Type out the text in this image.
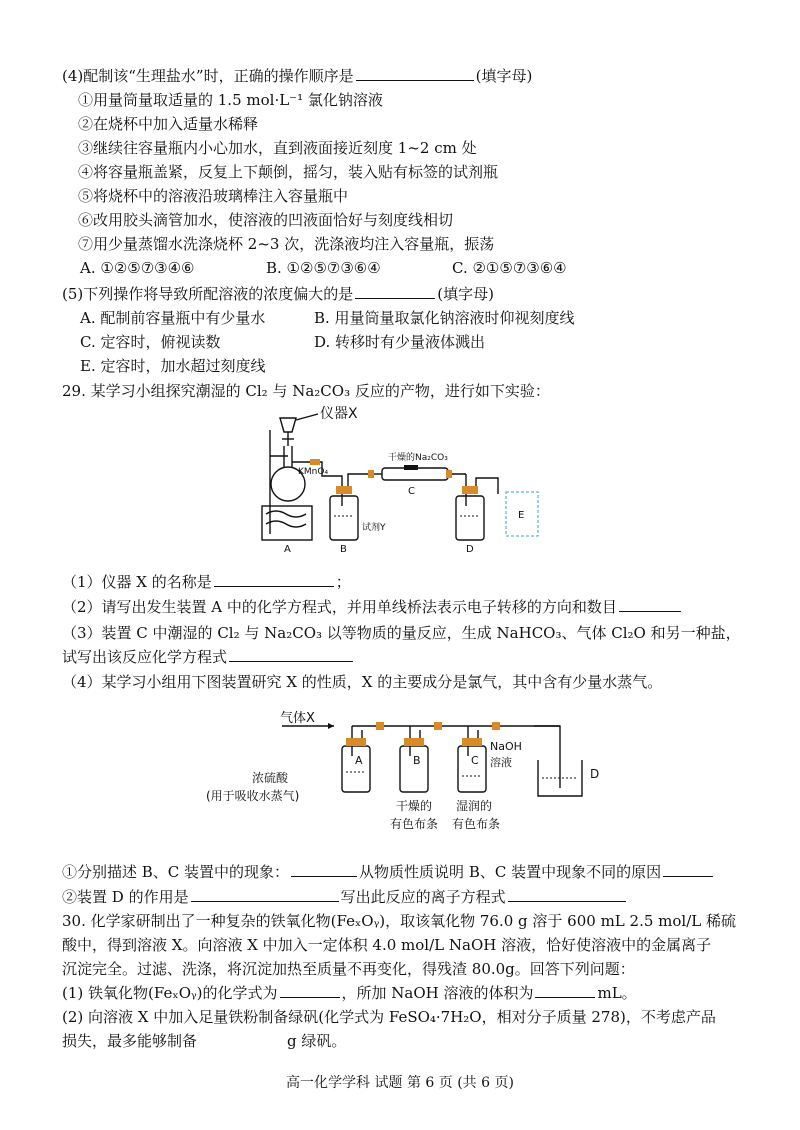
(4)配制该“生理盐水”时，正确的操作顺序是	(填字母)
①用量筒量取适量的 1.5 mol·L⁻¹ 氯化钠溶液
②在烧杯中加入适量水稀释
③继续往容量瓶内小心加水，直到液面接近刻度 1~2 cm 处
④将容量瓶盖紧，反复上下颠倒，摇匀，装入贴有标签的试剂瓶
⑤将烧杯中的溶液沿玻璃棒注入容量瓶中
⑥改用胶头滴管加水，使溶液的凹液面恰好与刻度线相切
⑦用少量蒸馏水洗涤烧杯 2~3 次，洗涤液均注入容量瓶，振荡
A. ①②⑤⑦③④⑥	B. ①②⑤⑦③⑥④	C. ②①⑤⑦③⑥④
(5)下列操作将导致所配溶液的浓度偏大的是	(填字母)
A. 配制前容量瓶中有少量水	B. 用量筒量取氯化钠溶液时仰视刻度线
C. 定容时，俯视读数	D. 转移时有少量液体溅出
E. 定容时，加水超过刻度线
29. 某学习小组探究潮湿的 Cl₂ 与 Na₂CO₃ 反应的产物，进行如下实验：
仪器X
KMnO₄
干燥的Na₂CO₃
试剂Y
A	B
C
D
E
（1）仪器 X 的名称是	；
（2）请写出发生装置 A 中的化学方程式，并用单线桥法表示电子转移的方向和数目
（3）装置 C 中潮湿的 Cl₂ 与 Na₂CO₃ 以等物质的量反应，生成 NaHCO₃、气体 Cl₂O 和另一种盐，
试写出该反应化学方程式
（4）某学习小组用下图装置研究 X 的性质，X 的主要成分是氯气，其中含有少量水蒸气。
气体X
A	B	C
NaOH
溶液
D
浓硫酸
(用于吸收水蒸气)
干燥的
有色布条
湿润的
有色布条
①分别描述 B、C 装置中的现象：	从物质性质说明 B、C 装置中现象不同的原因
②装置 D 的作用是	写出此反应的离子方程式
30. 化学家研制出了一种复杂的铁氧化物(FeₓOᵧ)，取该氧化物 76.0 g 溶于 600 mL 2.5 mol/L 稀硫
酸中，得到溶液 X。向溶液 X 中加入一定体积 4.0 mol/L NaOH 溶液，恰好使溶液中的金属离子
沉淀完全。过滤、洗涤，将沉淀加热至质量不再变化，得残渣 80.0g。回答下列问题：
(1) 铁氧化物(FeₓOᵧ)的化学式为	，所加 NaOH 溶液的体积为	mL。
(2) 向溶液 X 中加入足量铁粉制备绿矾(化学式为 FeSO₄·7H₂O，相对分子质量 278)，不考虑产品
损失，最多能够制备	g 绿矾。
高一化学学科 试题 第 6 页 (共 6 页)
